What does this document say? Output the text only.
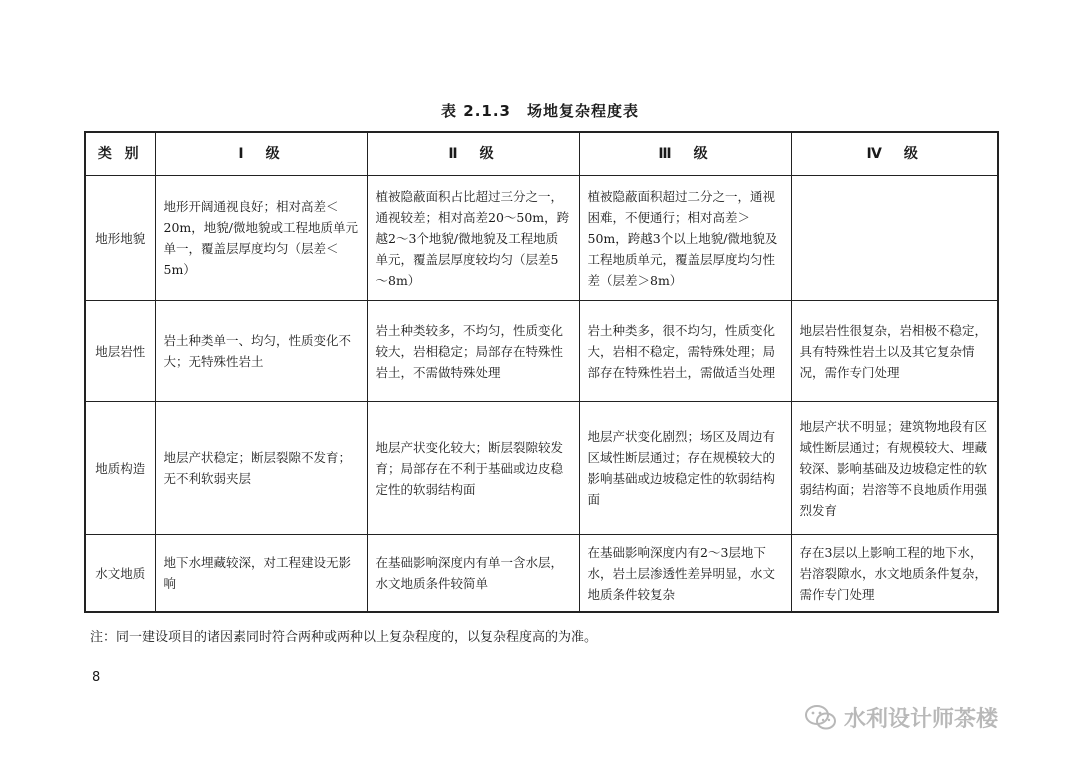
表 2.1.3　场地复杂程度表
类 别	Ⅰ　级	Ⅱ　级	Ⅲ　级	Ⅳ　级
地形地貌	地形开阔通视良好；相对高差＜20m，地貌/微地貌或工程地质单元单一，覆盖层厚度均匀（层差＜5m）	植被隐蔽面积占比超过三分之一，通视较差；相对高差20～50m，跨越2～3个地貌/微地貌及工程地质单元，覆盖层厚度较均匀（层差5～8m）	植被隐蔽面积超过二分之一，通视困难，不便通行；相对高差＞50m，跨越3个以上地貌/微地貌及工程地质单元，覆盖层厚度均匀性差（层差＞8m）	
地层岩性	岩土种类单一、均匀，性质变化不大；无特殊性岩土	岩土种类较多，不均匀，性质变化较大，岩相稳定；局部存在特殊性岩土，不需做特殊处理	岩土种类多，很不均匀，性质变化大，岩相不稳定，需特殊处理；局部存在特殊性岩土，需做适当处理	地层岩性很复杂，岩相极不稳定，具有特殊性岩土以及其它复杂情况，需作专门处理
地质构造	地层产状稳定；断层裂隙不发育；无不利软弱夹层	地层产状变化较大；断层裂隙较发育；局部存在不利于基础或边皮稳定性的软弱结构面	地层产状变化剧烈；场区及周边有区域性断层通过；存在规模较大的影响基础或边坡稳定性的软弱结构面	地层产状不明显；建筑物地段有区域性断层通过；有规模较大、埋藏较深、影响基础及边坡稳定性的软弱结构面；岩溶等不良地质作用强烈发育
水文地质	地下水埋藏较深，对工程建设无影响	在基础影响深度内有单一含水层，水文地质条件较简单	在基础影响深度内有2～3层地下水，岩土层渗透性差异明显，水文地质条件较复杂	存在3层以上影响工程的地下水，岩溶裂隙水，水文地质条件复杂，需作专门处理
注：同一建设项目的诸因素同时符合两种或两种以上复杂程度的，以复杂程度高的为准。
8
水利设计师茶楼
